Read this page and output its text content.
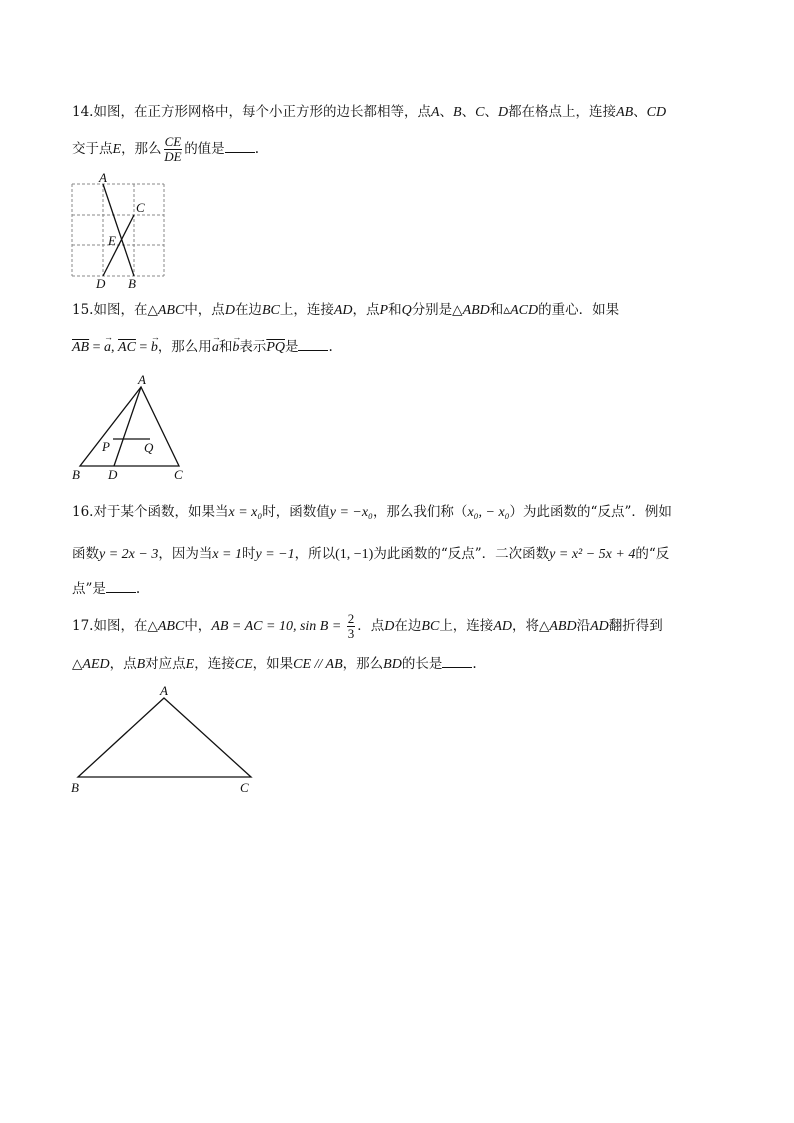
14.如图，在正方形网格中，每个小正方形的边长都相等，点A、B、C、D都在格点上，连接AB、CD
交于点E，那么 $\frac{CE}{DE}$ 的值是 .
A
C
E
D B
15.如图，在△ABC中，点D在边BC上，连接AD，点P和Q分别是△ABD和▵ACD的重心．如果
$\overline{AB}$ = → a, $\overline{AC}$ = → b，那么用→ a和→ b表示$\overline{PQ}$是 .
A
P	Q
B D	C
16.对于某个函数，如果当x = x₀时，函数值y = −x₀，那么我们称（x₀, − x₀）为此函数的“反点”．例如
函数y = 2x − 3，因为当x = 1时y = −1，所以(1, −1)为此函数的“反点”．二次函数y = x² − 5x + 4的“反
点”是 .
17.如图，在△ABC中，AB = AC = 10, $\sin B = \frac{2}{3}$ ．点D在边BC上，连接AD，将△ABD沿AD翻折得到
△AED，点B对应点E，连接CE，如果CE // AB，那么BD的长是 .
A
B	C
